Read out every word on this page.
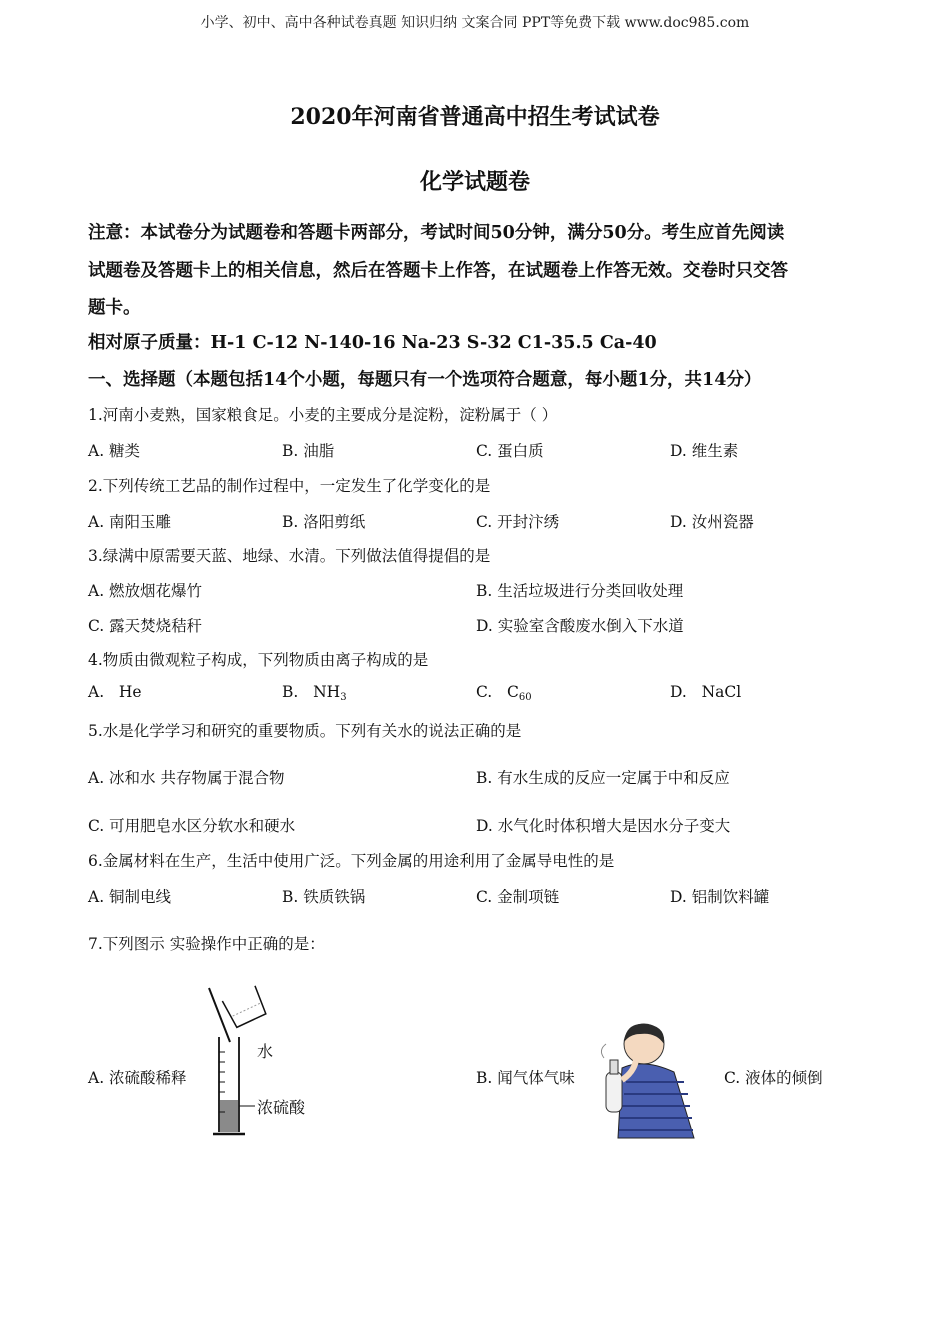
小学、初中、高中各种试卷真题 知识归纳 文案合同 PPT等免费下载 www.doc985.com
2020年河南省普通高中招生考试试卷
化学试题卷
注意：本试卷分为试题卷和答题卡两部分，考试时间50分钟，满分50分。考生应首先阅读
试题卷及答题卡上的相关信息，然后在答题卡上作答，在试题卷上作答无效。交卷时只交答
题卡。
相对原子质量：H-1 C-12 N-140-16 Na-23 S-32 C1-35.5 Ca-40
一、选择题（本题包括14个小题，每题只有一个选项符合题意，每小题1分，共14分）
1.河南小麦熟，国家粮食足。小麦的主要成分是淀粉，淀粉属于（ ）
A. 糖类	B. 油脂	C. 蛋白质	D. 维生素
2.下列传统工艺品的制作过程中，一定发生了化学变化的是
A. 南阳玉雕	B. 洛阳剪纸	C. 开封汴绣	D. 汝州瓷器
3.绿满中原需要天蓝、地绿、水清。下列做法值得提倡的是
A. 燃放烟花爆竹	B. 生活垃圾进行分类回收处理
C. 露天焚烧秸秆	D. 实验室含酸废水倒入下水道
4.物质由微观粒子构成，下列物质由离子构成的是
A. He	B. $NH_3$	C. $C_{60}$	D. NaCl
5.水是化学学习和研究的重要物质。下列有关水的说法正确的是
A. 冰和水 共存物属于混合物	B. 有水生成的反应一定属于中和反应
C. 可用肥皂水区分软水和硬水	D. 水气化时体积增大是因水分子变大
6.金属材料在生产，生活中使用广泛。下列金属的用途利用了金属导电性的是
A. 铜制电线	B. 铁质铁锅	C. 金制项链	D. 铝制饮料罐
7.下列图示 实验操作中正确的是：
A. 浓硫酸稀释	B. 闻气体气味	C. 液体的倾倒
水
浓硫酸
